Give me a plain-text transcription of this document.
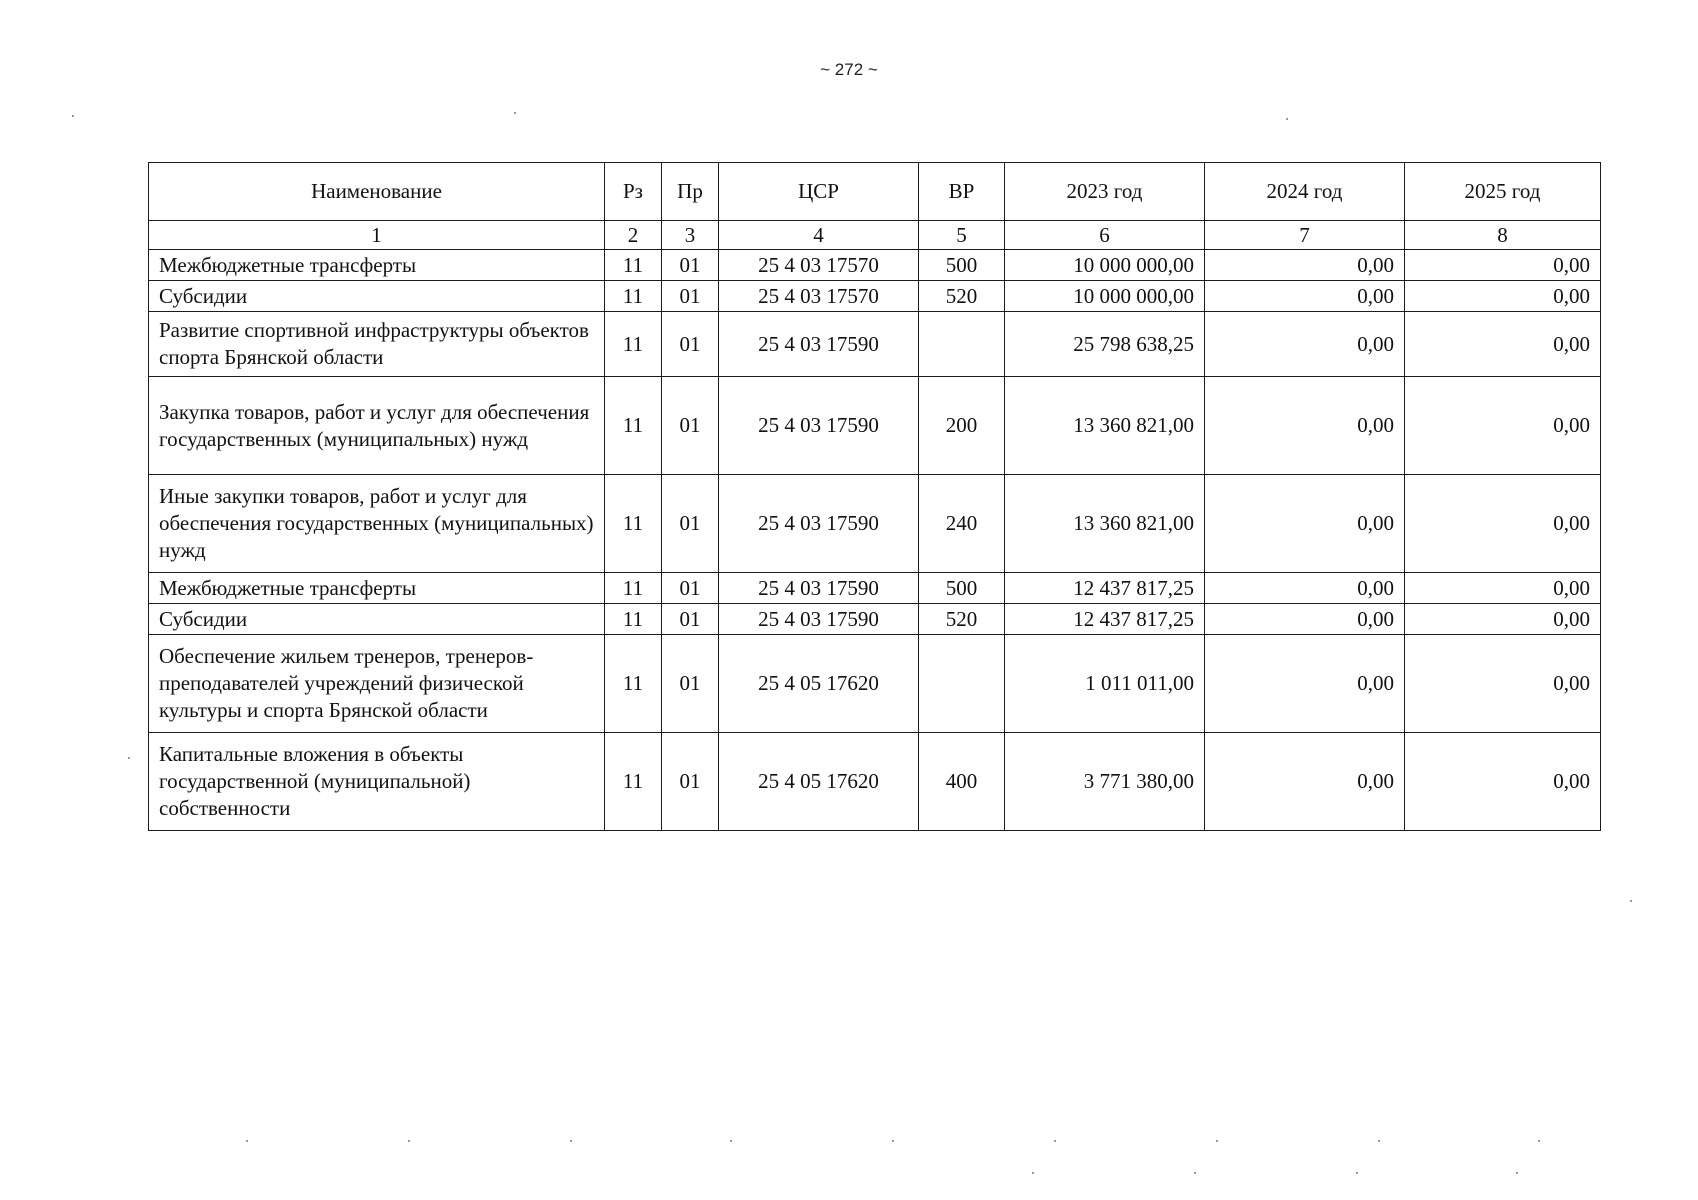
~ 272 ~
Наименование	Рз	Пр	ЦСР	ВР	2023 год	2024 год	2025 год
1	2	3	4	5	6	7	8
Межбюджетные трансферты	11	01	25 4 03 17570	500	10 000 000,00	0,00	0,00
Субсидии	11	01	25 4 03 17570	520	10 000 000,00	0,00	0,00
Развитие спортивной инфраструктуры объектов спорта Брянской области	11	01	25 4 03 17590		25 798 638,25	0,00	0,00
Закупка товаров, работ и услуг для обеспечения государственных (муниципальных) нужд	11	01	25 4 03 17590	200	13 360 821,00	0,00	0,00
Иные закупки товаров, работ и услуг для обеспечения государственных (муниципальных) нужд	11	01	25 4 03 17590	240	13 360 821,00	0,00	0,00
Межбюджетные трансферты	11	01	25 4 03 17590	500	12 437 817,25	0,00	0,00
Субсидии	11	01	25 4 03 17590	520	12 437 817,25	0,00	0,00
Обеспечение жильем тренеров, тренеров-преподавателей учреждений физической культуры и спорта Брянской области	11	01	25 4 05 17620		1 011 011,00	0,00	0,00
Капитальные вложения в объекты государственной (муниципальной) собственности	11	01	25 4 05 17620	400	3 771 380,00	0,00	0,00
